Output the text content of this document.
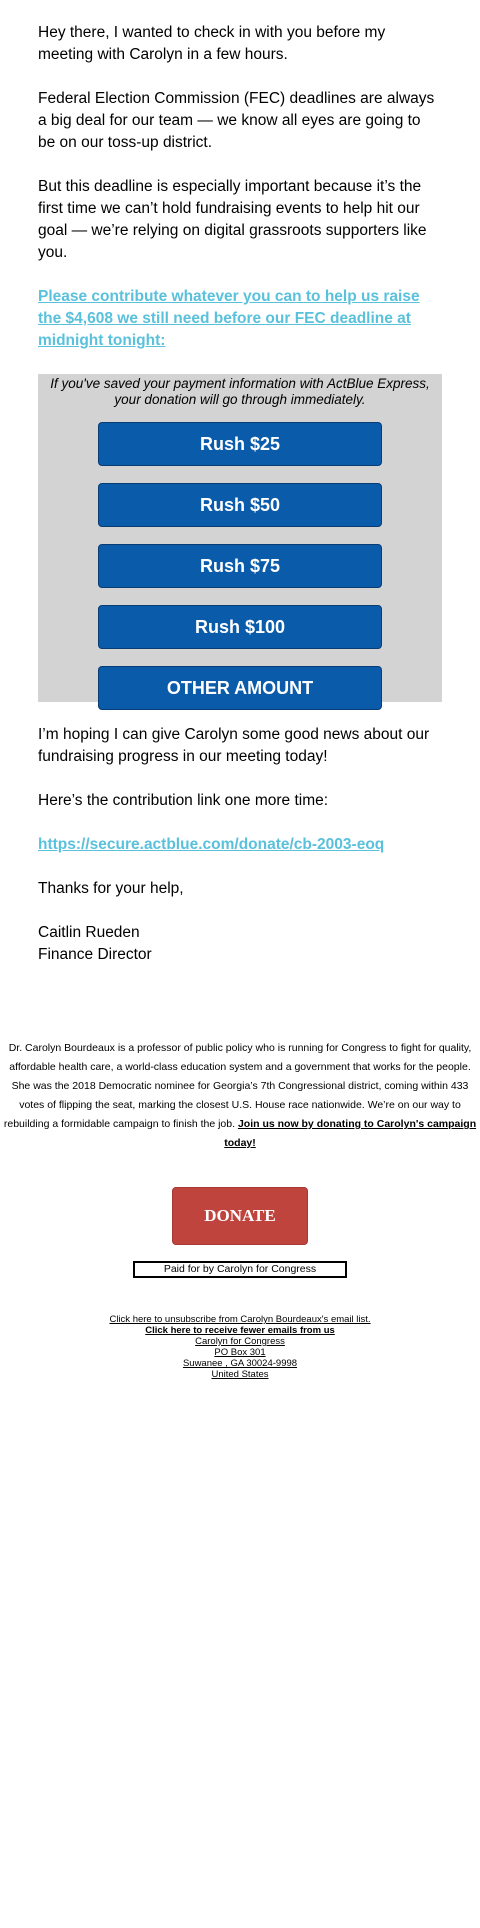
Hey there, I wanted to check in with you before my meeting with Carolyn in a few hours.

Federal Election Commission (FEC) deadlines are always a big deal for our team — we know all eyes are going to be on our toss-up district.

But this deadline is especially important because it’s the first time we can’t hold fundraising events to help hit our goal — we’re relying on digital grassroots supporters like you.

Please contribute whatever you can to help us raise the $4,608 we still need before our FEC deadline at midnight tonight:

If you've saved your payment information with ActBlue Express, your donation will go through immediately.
Rush $25
Rush $50
Rush $75
Rush $100
OTHER AMOUNT

I’m hoping I can give Carolyn some good news about our fundraising progress in our meeting today!

Here’s the contribution link one more time:

https://secure.actblue.com/donate/cb-2003-eoq

Thanks for your help,

Caitlin Rueden
Finance Director

Dr. Carolyn Bourdeaux is a professor of public policy who is running for Congress to fight for quality, affordable health care, a world-class education system and a government that works for the people. She was the 2018 Democratic nominee for Georgia’s 7th Congressional district, coming within 433 votes of flipping the seat, marking the closest U.S. House race nationwide. We’re on our way to rebuilding a formidable campaign to finish the job. Join us now by donating to Carolyn's campaign today!
DONATE
Paid for by Carolyn for Congress
Click here to unsubscribe from Carolyn Bourdeaux's email list.
Click here to receive fewer emails from us
Carolyn for Congress
PO Box 301
Suwanee , GA 30024-9998
United States
